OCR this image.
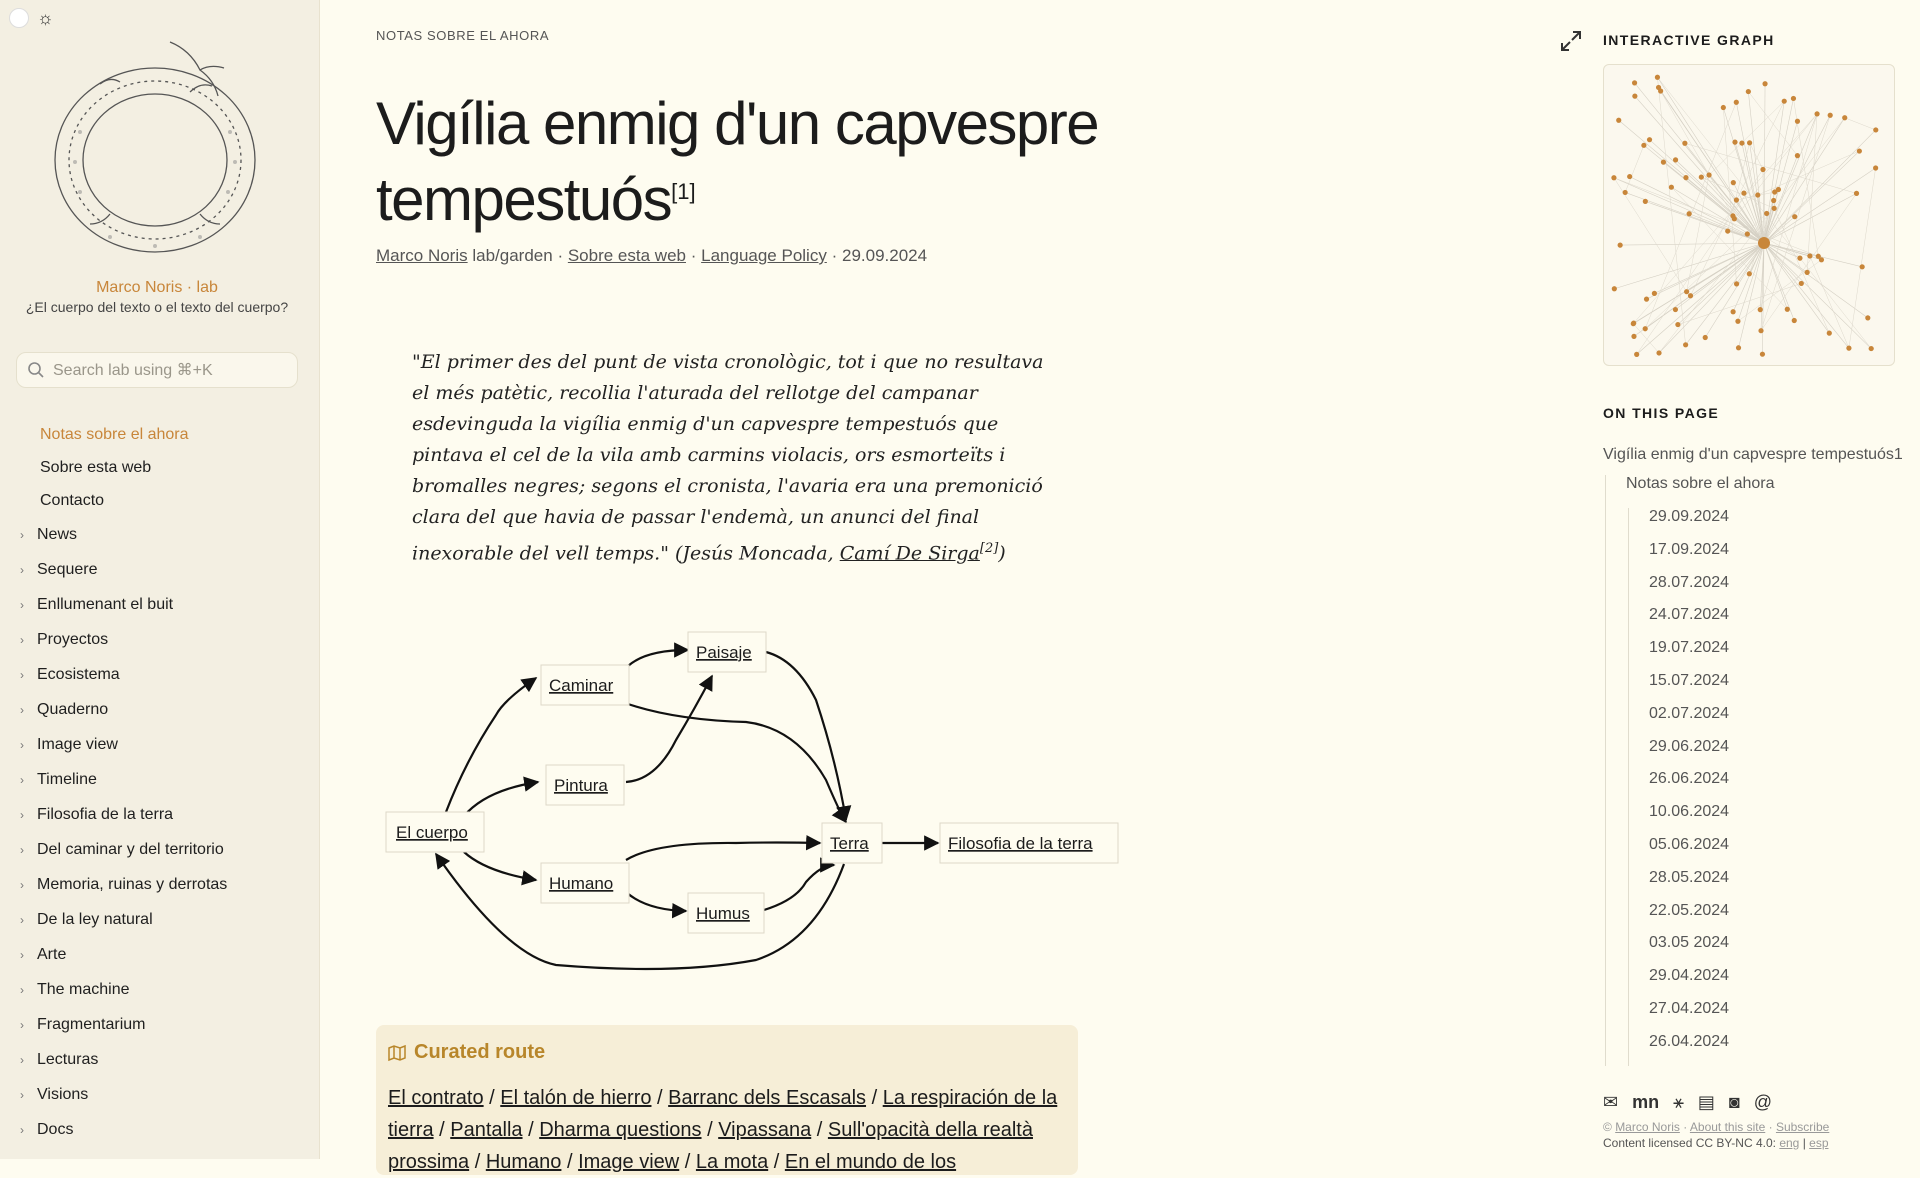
☼
Marco Noris · lab
¿El cuerpo del texto o el texto del cuerpo?
Search lab using ⌘+K
Notas sobre el ahora
Sobre esta web
Contacto
› News
› Sequere
› Enllumenant el buit
› Proyectos
› Ecosistema
› Quaderno
› Image view
› Timeline
› Filosofia de la terra
› Del caminar y del territorio
› Memoria, ruinas y derrotas
› De la ley natural
› Arte
› The machine
› Fragmentarium
› Lecturas
› Visions
› Docs
NOTAS SOBRE EL AHORA
Vigília enmig d'un capvespre tempestuós[1]
Marco Noris lab/garden · Sobre esta web · Language Policy · 29.09.2024
"El primer des del punt de vista cronològic, tot i que no resultava el més patètic, recollia l'aturada del rellotge del campanar esdevinguda la vigília enmig d'un capvespre tempestuós que pintava el cel de la vila amb carmins violacis, ors esmorteïts i bromalles negres; segons el cronista, l'avaria era una premonició clara del que havia de passar l'endemà, un anunci del final inexorable del vell temps." (Jesús Moncada, Camí De Sirga[2])
El cuerpo
Caminar
Pintura
Humano
Paisaje
Humus
Terra	Filosofia de la terra
Curated route
El contrato / El talón de hierro / Barranc dels Escasals / La respiración de la tierra / Pantalla / Dharma questions / Vipassana / Sull'opacità della realtà prossima / Humano / Image view / La mota / En el mundo de los
INTERACTIVE GRAPH
ON THIS PAGE
Vigília enmig d'un capvespre tempestuós1
Notas sobre el ahora
29.09.2024
17.09.2024
28.07.2024
24.07.2024
19.07.2024
15.07.2024
02.07.2024
29.06.2024
26.06.2024
10.06.2024
05.06.2024
28.05.2024
22.05.2024
03.05 2024
29.04.2024
27.04.2024
26.04.2024
✉ mn ⚹ ▤ ◙ @
© Marco Noris · About this site · Subscribe
Content licensed CC BY-NC 4.0: eng | esp
